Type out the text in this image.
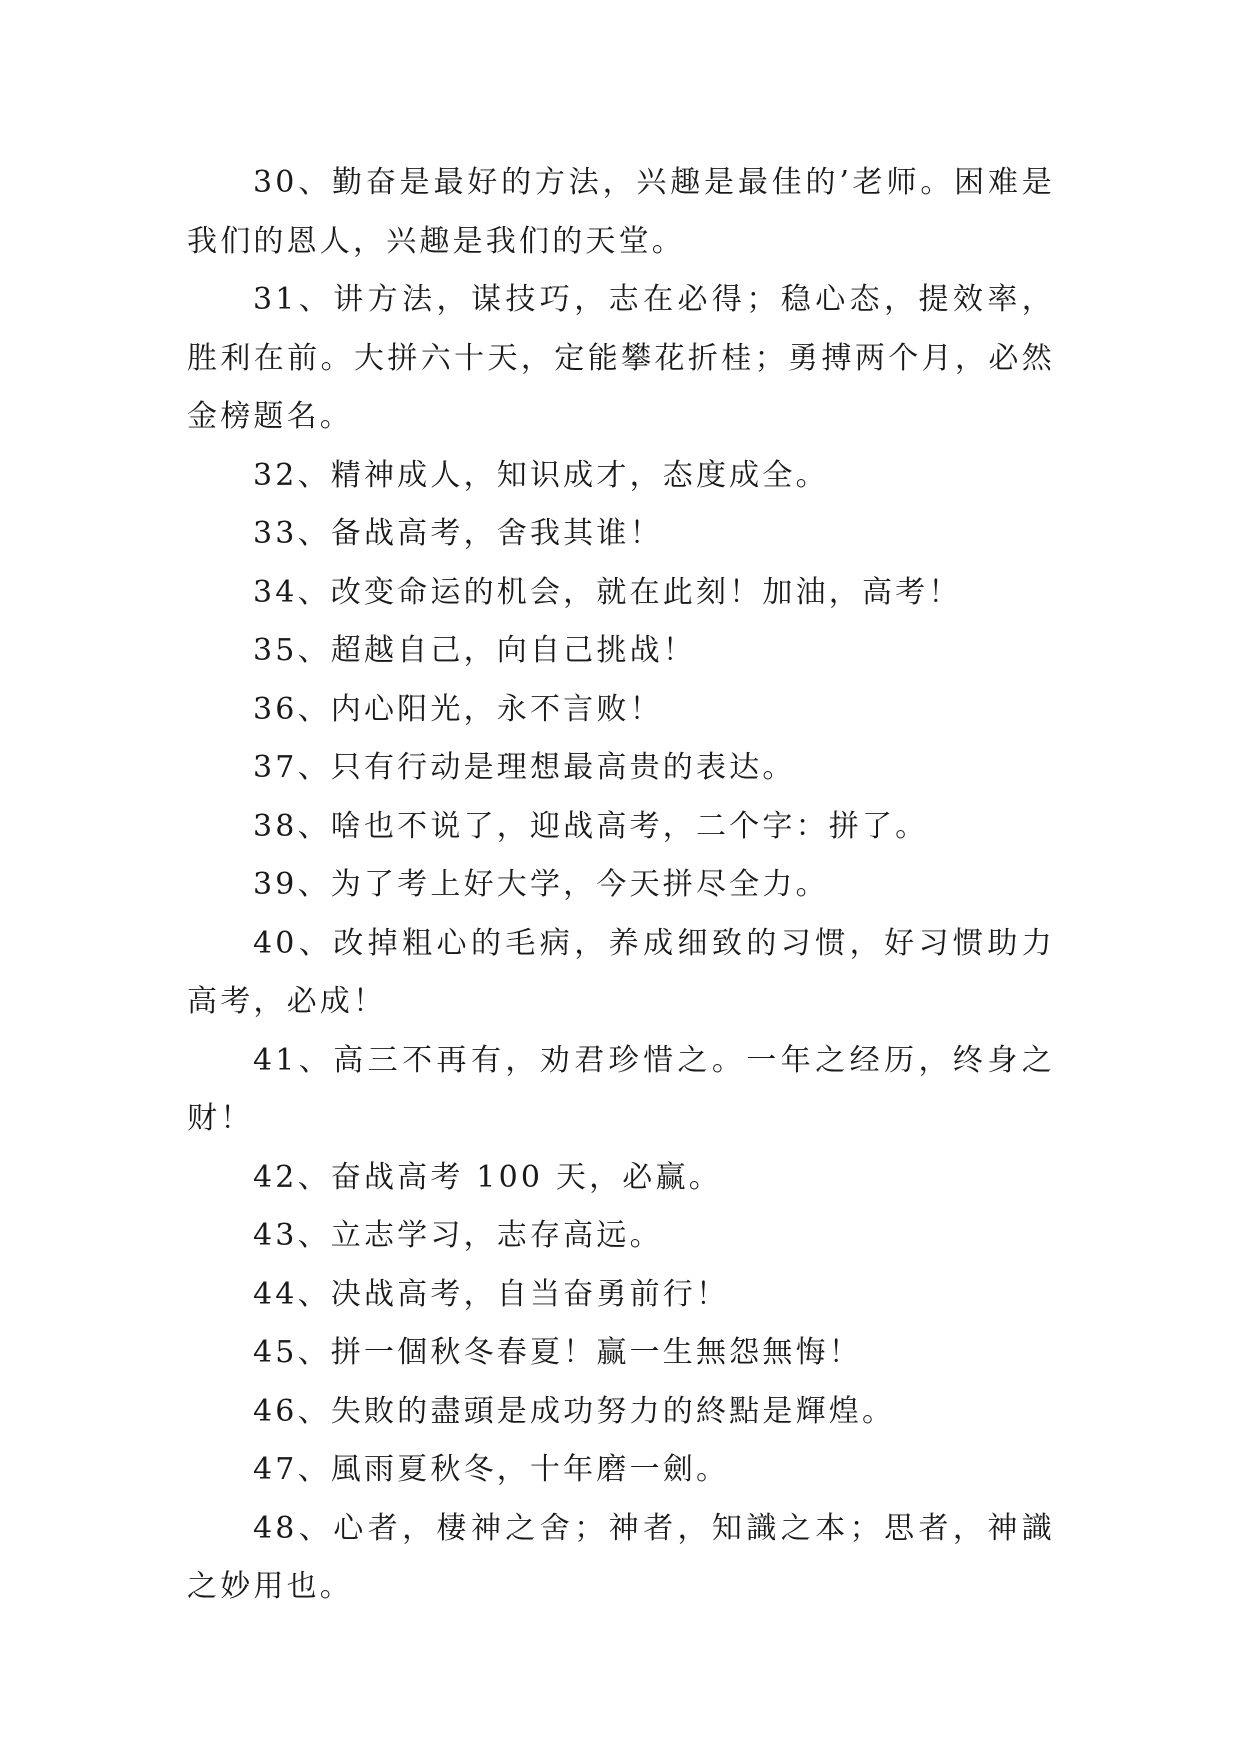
30、勤奋是最好的方法，兴趣是最佳的’老师。困难是我们的恩人，兴趣是我们的天堂。

31、讲方法，谋技巧，志在必得；稳心态，提效率，胜利在前。大拼六十天，定能攀花折桂；勇搏两个月，必然金榜题名。

32、精神成人，知识成才，态度成全。

33、备战高考，舍我其谁！

34、改变命运的机会，就在此刻！加油，高考！

35、超越自己，向自己挑战！

36、内心阳光，永不言败！

37、只有行动是理想最高贵的表达。

38、啥也不说了，迎战高考，二个字：拼了。

39、为了考上好大学，今天拼尽全力。

40、改掉粗心的毛病，养成细致的习惯，好习惯助力高考，必成！

41、高三不再有，劝君珍惜之。一年之经历，终身之财！

42、奋战高考 100 天，必赢。

43、立志学习，志存高远。

44、决战高考，自当奋勇前行！

45、拼一個秋冬春夏！赢一生無怨無悔！

46、失敗的盡頭是成功努力的終點是輝煌。

47、風雨夏秋冬，十年磨一劍。

48、心者，棲神之舍；神者，知識之本；思者，神識之妙用也。
